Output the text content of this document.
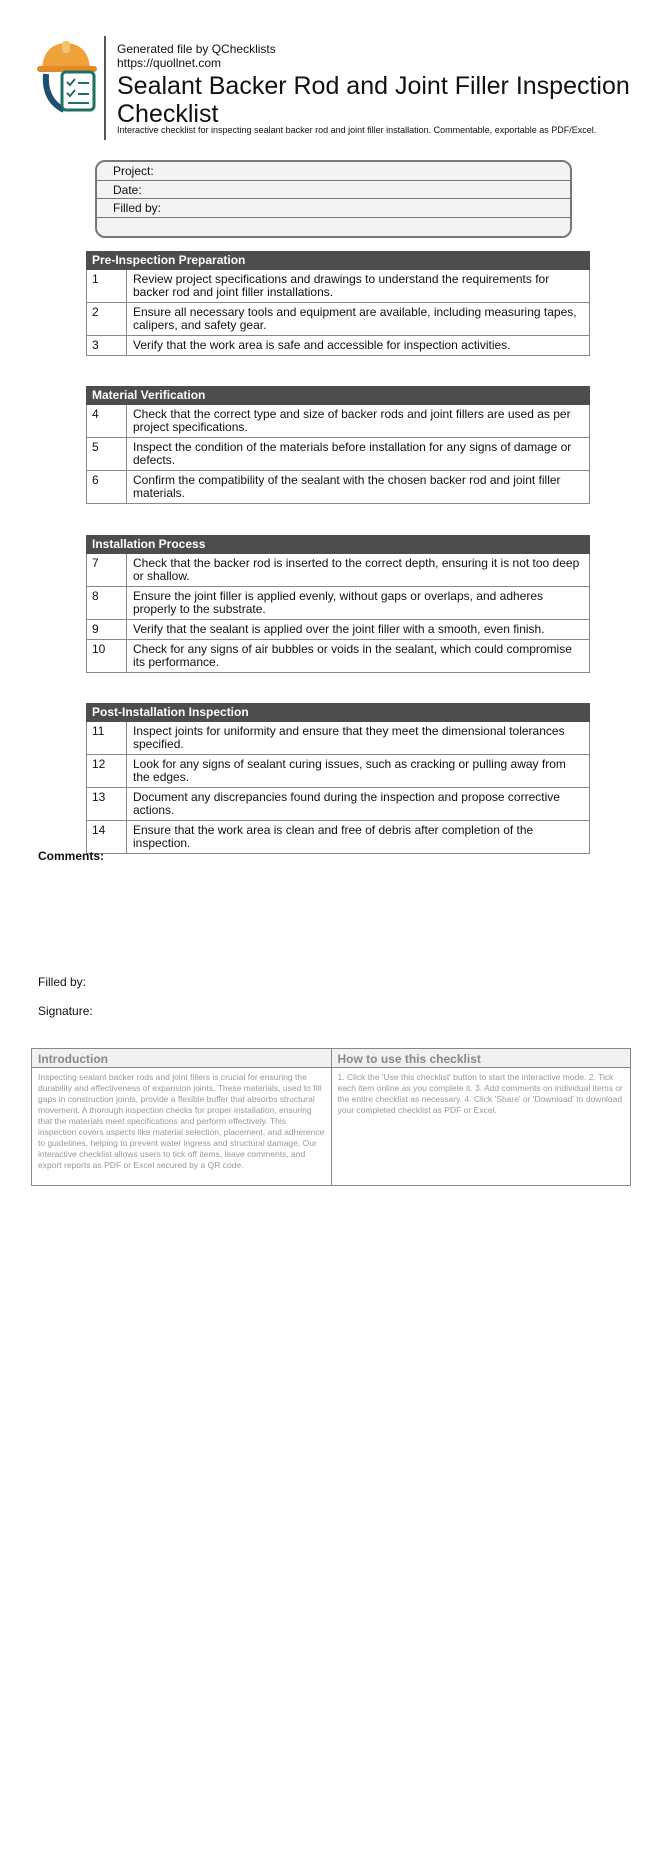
Generated file by QChecklists
https://quollnet.com
Sealant Backer Rod and Joint Filler Inspection Checklist
Interactive checklist for inspecting sealant backer rod and joint filler installation. Commentable, exportable as PDF/Excel.
Project:
Date:
Filled by:
Pre-Inspection Preparation
1	Review project specifications and drawings to understand the requirements for backer rod and joint filler installations.
2	Ensure all necessary tools and equipment are available, including measuring tapes, calipers, and safety gear.
3	Verify that the work area is safe and accessible for inspection activities.
Material Verification
4	Check that the correct type and size of backer rods and joint fillers are used as per project specifications.
5	Inspect the condition of the materials before installation for any signs of damage or defects.
6	Confirm the compatibility of the sealant with the chosen backer rod and joint filler materials.
Installation Process
7	Check that the backer rod is inserted to the correct depth, ensuring it is not too deep or shallow.
8	Ensure the joint filler is applied evenly, without gaps or overlaps, and adheres properly to the substrate.
9	Verify that the sealant is applied over the joint filler with a smooth, even finish.
10	Check for any signs of air bubbles or voids in the sealant, which could compromise its performance.
Post-Installation Inspection
11	Inspect joints for uniformity and ensure that they meet the dimensional tolerances specified.
12	Look for any signs of sealant curing issues, such as cracking or pulling away from the edges.
13	Document any discrepancies found during the inspection and propose corrective actions.
14	Ensure that the work area is clean and free of debris after completion of the inspection.
Comments:
Filled by:
Signature:
Introduction
Inspecting sealant backer rods and joint fillers is crucial for ensuring the durability and effectiveness of expansion joints. These materials, used to fill gaps in construction joints, provide a flexible buffer that absorbs structural movement. A thorough inspection checks for proper installation, ensuring that the materials meet specifications and perform effectively. This inspection covers aspects like material selection, placement, and adherence to guidelines, helping to prevent water ingress and structural damage. Our interactive checklist allows users to tick off items, leave comments, and export reports as PDF or Excel secured by a QR code.
How to use this checklist
1. Click the 'Use this checklist' button to start the interactive mode. 2. Tick each item online as you complete it. 3. Add comments on individual items or the entire checklist as necessary. 4. Click 'Share' or 'Download' to download your completed checklist as PDF or Excel.
